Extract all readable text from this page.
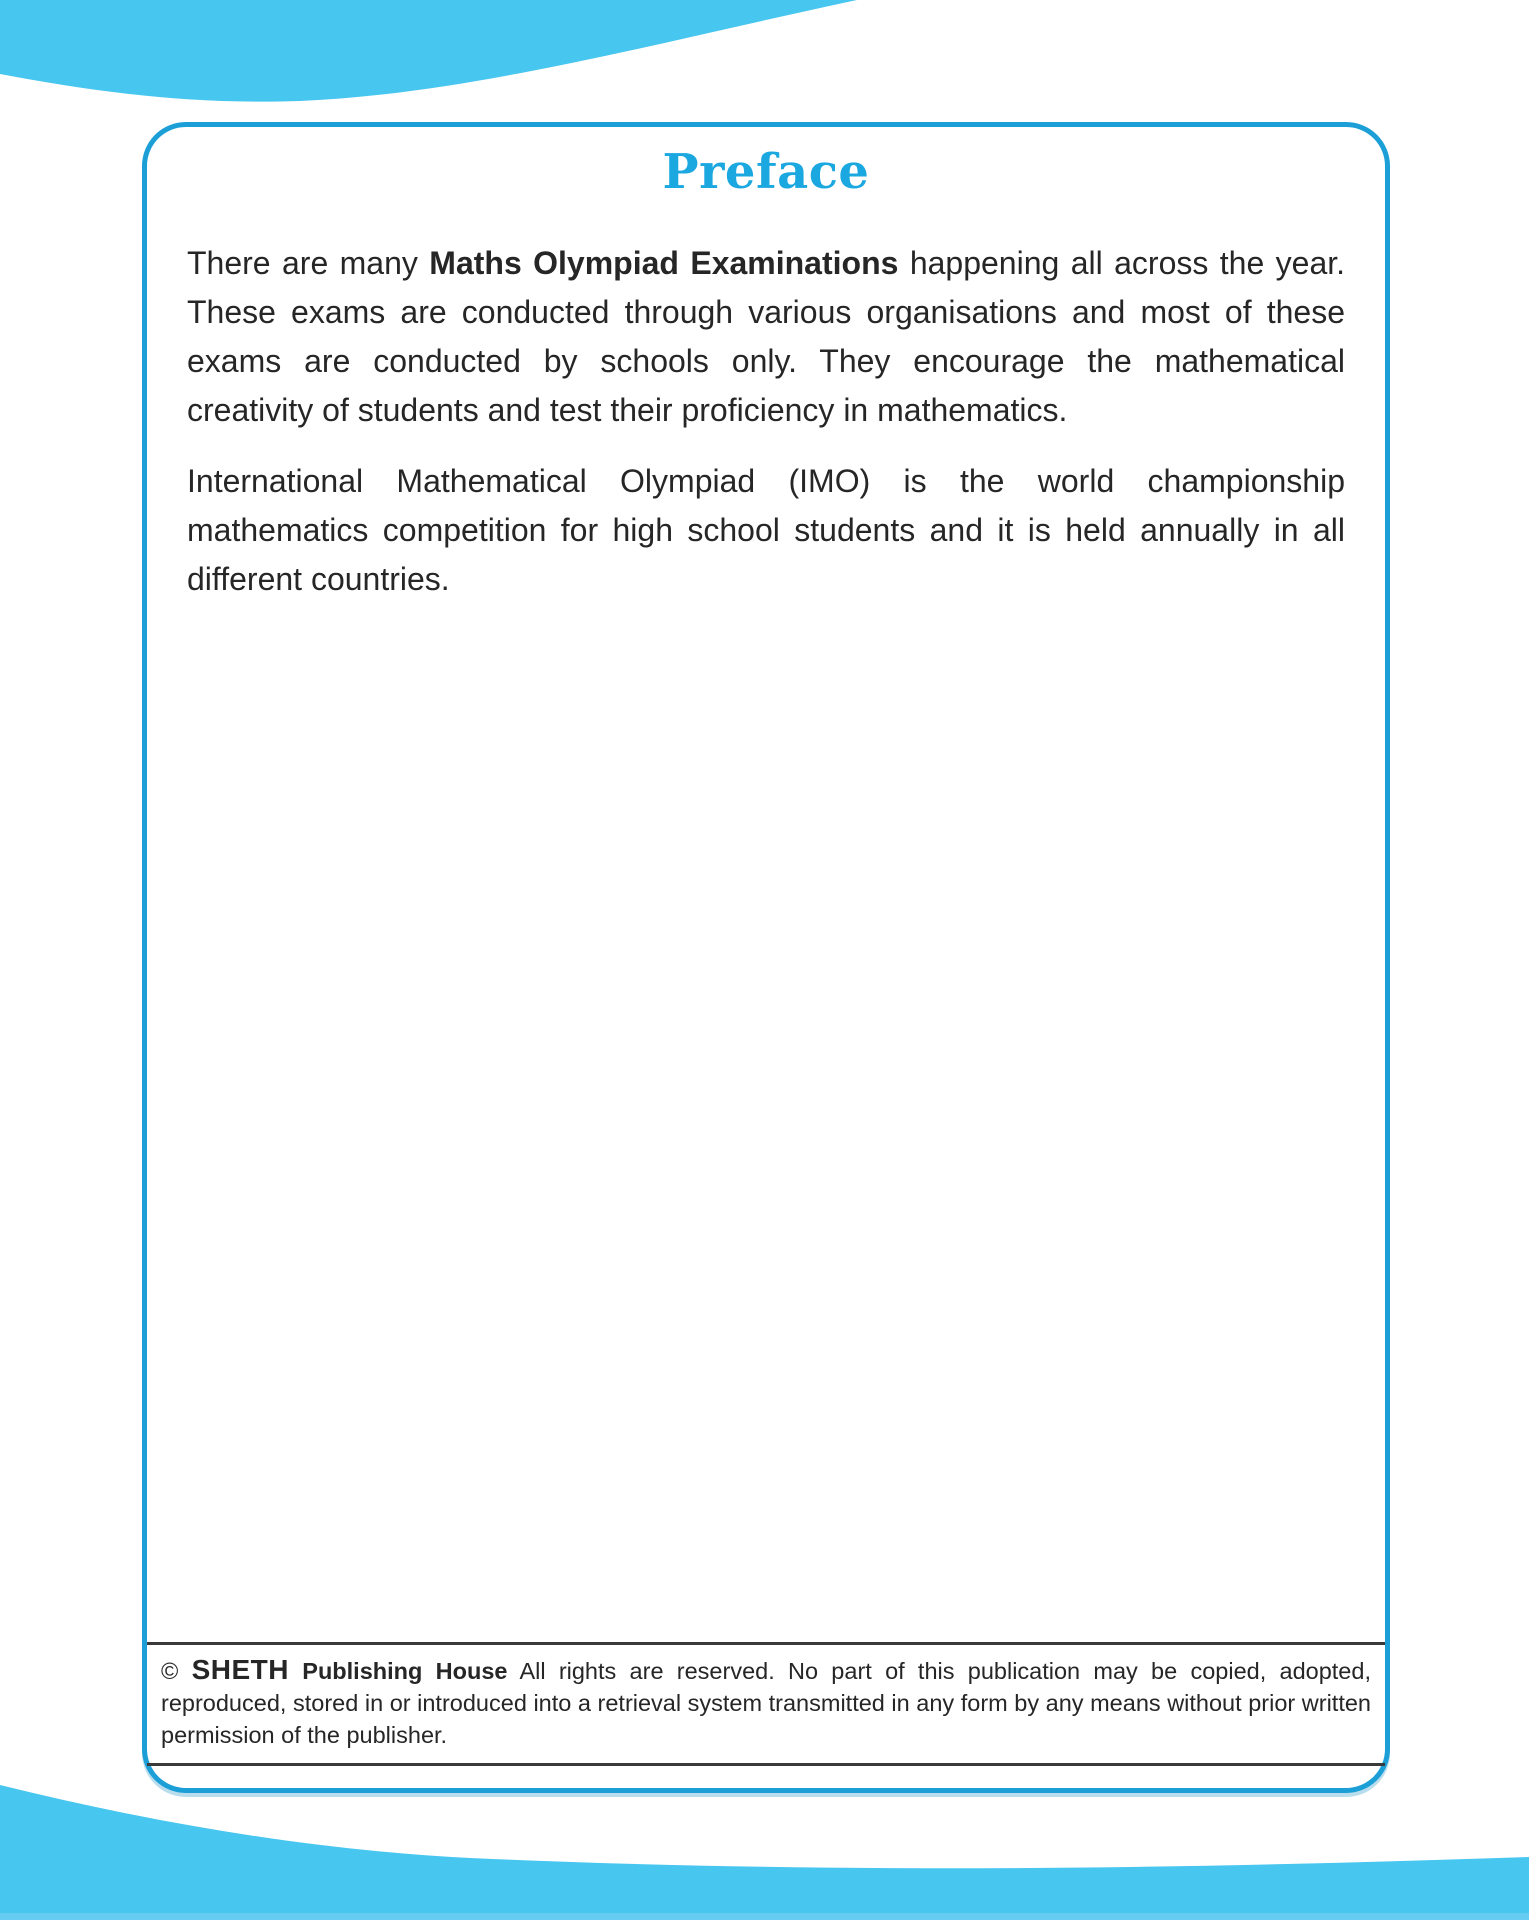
Preface

There are many Maths Olympiad Examinations happening all across the year. These exams are conducted through various organisations and most of these exams are conducted by schools only. They encourage the mathematical creativity of students and test their proficiency in mathematics.

International Mathematical Olympiad (IMO) is the world championship mathematics competition for high school students and it is held annually in all different countries.

© SHETH Publishing House All rights are reserved. No part of this publication may be copied, adopted, reproduced, stored in or introduced into a retrieval system transmitted in any form by any means without prior written permission of the publisher.
